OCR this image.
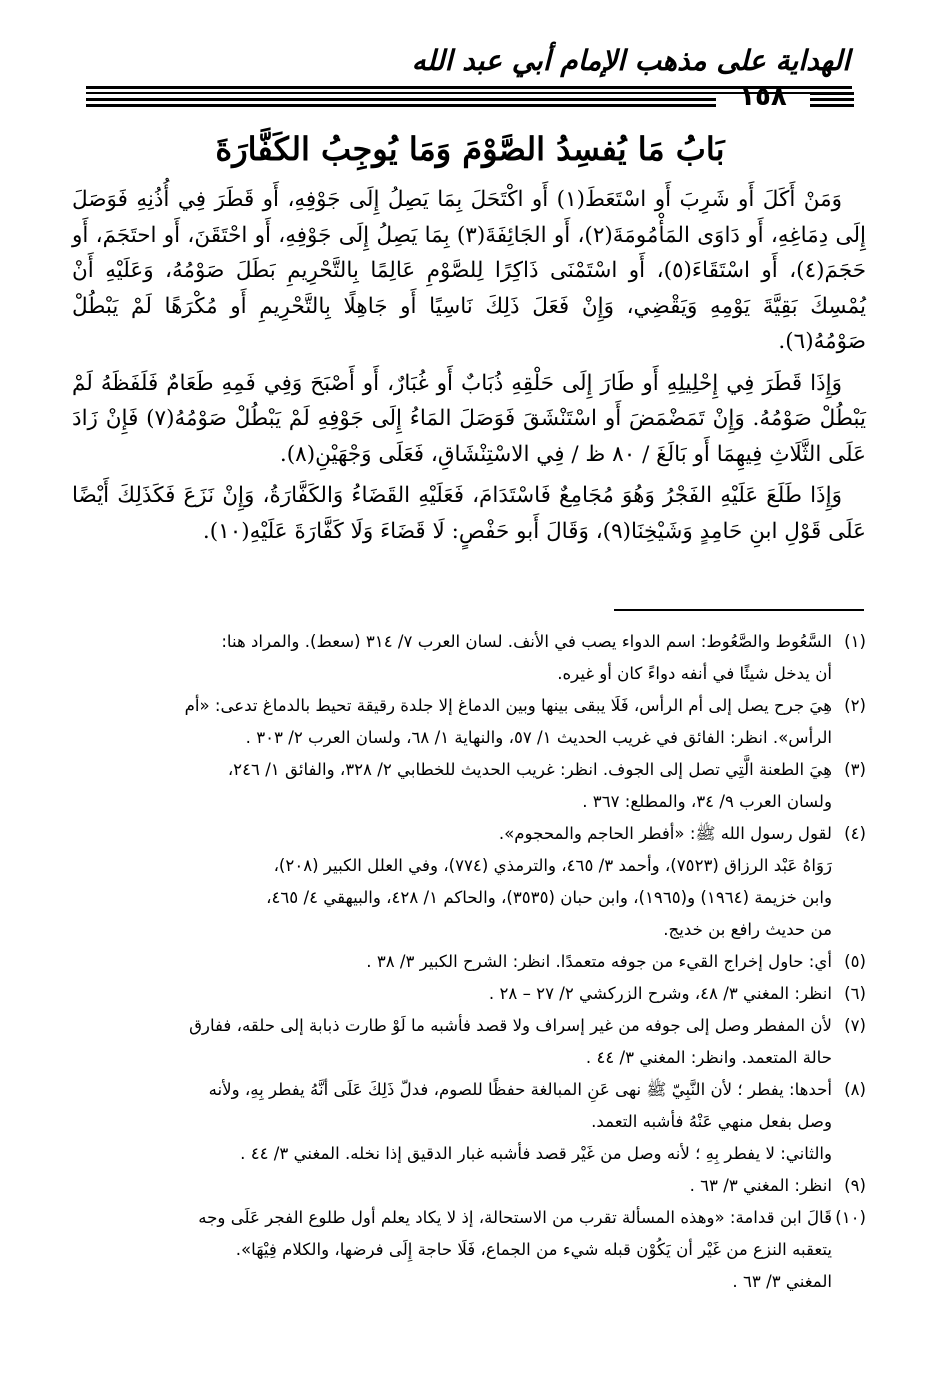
الهداية على مذهب الإمام أبي عبد الله
١٥٨
بَابُ مَا يُفسِدُ الصَّوْمَ وَمَا يُوجِبُ الكَفَّارَةَ

وَمَنْ أَكَلَ أَو شَرِبَ أَو اسْتَعَطَ(١) أَو اكْتَحَلَ بِمَا يَصِلُ إِلَى جَوْفِهِ، أَو قَطَرَ فِي أُذُنِهِ فَوَصَلَ إِلَى دِمَاغِهِ، أَو دَاوَى المَأْمُومَةَ(٢)، أَو الجَائِفَةَ(٣) بِمَا يَصِلُ إِلَى جَوْفِهِ، أَو احْتَقَنَ، أَو احتَجَمَ، أَو حَجَمَ(٤)، أَو اسْتَقَاءَ(٥)، أَو اسْتَمْنَى ذَاكِرًا لِلصَّوْمِ عَالِمًا بِالتَّحْرِيمِ بَطَلَ صَوْمُهُ، وَعَلَيْهِ أَنْ يُمْسِكَ بَقِيَّةَ يَوْمِهِ وَيَقْضِي، وَإِنْ فَعَلَ ذَلِكَ نَاسِيًا أَو جَاهِلًا بِالتَّحْرِيمِ أَو مُكْرَهًا لَمْ يَبْطُلْ صَوْمُهُ(٦).

وَإِذَا قَطَرَ فِي إِحْلِيلِهِ أَو طَارَ إِلَى حَلْقِهِ ذُبَابٌ أَو غُبَارٌ، أَو أَصْبَحَ وَفِي فَمِهِ طَعَامٌ فَلَفَظَهُ لَمْ يَبْطُلْ صَوْمُهُ. وَإِنْ تَمَضْمَضَ أَو اسْتَنْشَقَ فَوَصَلَ المَاءُ إِلَى جَوْفِهِ لَمْ يَبْطُلْ صَوْمُهُ(٧) فَإِنْ زَادَ عَلَى الثَّلَاثِ فِيهِمَا أَو بَالَغَ / ٨٠ ظ / فِي الاسْتِنْشَاقِ، فَعَلَى وَجْهَيْنِ(٨).

وَإِذَا طَلَعَ عَلَيْهِ الفَجْرُ وَهُوَ مُجَامِعٌ فَاسْتَدَامَ، فَعَلَيْهِ القَضَاءُ وَالكَفَّارَةُ، وَإِنْ نَزَعَ فَكَذَلِكَ أَيْضًا عَلَى قَوْلِ ابنِ حَامِدٍ وَشَيْخِنَا(٩)، وَقَالَ أَبو حَفْصٍ: لَا قَضَاءَ وَلَا كَفَّارَةَ عَلَيْهِ(١٠).

(١)
السَّعُوط والصَّعُوط: اسم الدواء يصب في الأنف. لسان العرب ٧/ ٣١٤ (سعط). والمراد هنا:
أن يدخل شيئًا في أنفه دواءً كان أو غيره.
(٢)
هِيَ جرح يصل إلى أم الرأس، فَلَا يبقى بينها وبين الدماغ إلا جلدة رقيقة تحيط بالدماغ تدعى: «أم
الرأس». انظر: الفائق في غريب الحديث ١/ ٥٧، والنهاية ١/ ٦٨، ولسان العرب ٢/ ٣٠٣ .
(٣)
هِيَ الطعنة الَّتِي تصل إلى الجوف. انظر: غريب الحديث للخطابي ٢/ ٣٢٨، والفائق ١/ ٢٤٦،
ولسان العرب ٩/ ٣٤، والمطلع: ٣٦٧ .
(٤)
لقول رسول الله ﷺ: «أفطر الحاجم والمحجوم».
رَوَاهُ عَبْد الرزاق (٧٥٢٣)، وأحمد ٣/ ٤٦٥، والترمذي (٧٧٤)، وفي العلل الكبير (٢٠٨)،
وابن خزيمة (١٩٦٤) و(١٩٦٥)، وابن حبان (٣٥٣٥)، والحاكم ١/ ٤٢٨، والبيهقي ٤/ ٤٦٥،
من حديث رافع بن خديج.
(٥)
أي: حاول إخراج القيء من جوفه متعمدًا. انظر: الشرح الكبير ٣/ ٣٨ .
(٦)
انظر: المغني ٣/ ٤٨، وشرح الزركشي ٢/ ٢٧ – ٢٨ .
(٧)
لأن المفطر وصل إلى جوفه من غير إسراف ولا قصد فأشبه ما لَوْ طارت ذبابة إلى حلقه، ففارق
حالة المتعمد. وانظر: المغني ٣/ ٤٤ .
(٨)
أحدها: يفطر ؛ لأن النَّبِيّ ﷺ نهى عَنِ المبالغة حفظًا للصوم، فدلّ ذَلِكَ عَلَى أنَّهُ يفطر بِهِ، ولأنه
وصل بفعل منهي عَنْهُ فأشبه التعمد.
والثاني: لا يفطر بِهِ ؛ لأنه وصل من غَيْر قصد فأشبه غبار الدقيق إذا نخله. المغني ٣/ ٤٤ .
(٩)
انظر: المغني ٣/ ٦٣ .
(١٠)
قَالَ ابن قدامة: «وهذه المسألة تقرب من الاستحالة، إذ لا يكاد يعلم أول طلوع الفجر عَلَى وجه
يتعقبه النزع من غَيْر أن يَكُوْن قبله شيء من الجماع، فَلَا حاجة إِلَى فرضها، والكلام فِيْهَا».
المغني ٣/ ٦٣ .
